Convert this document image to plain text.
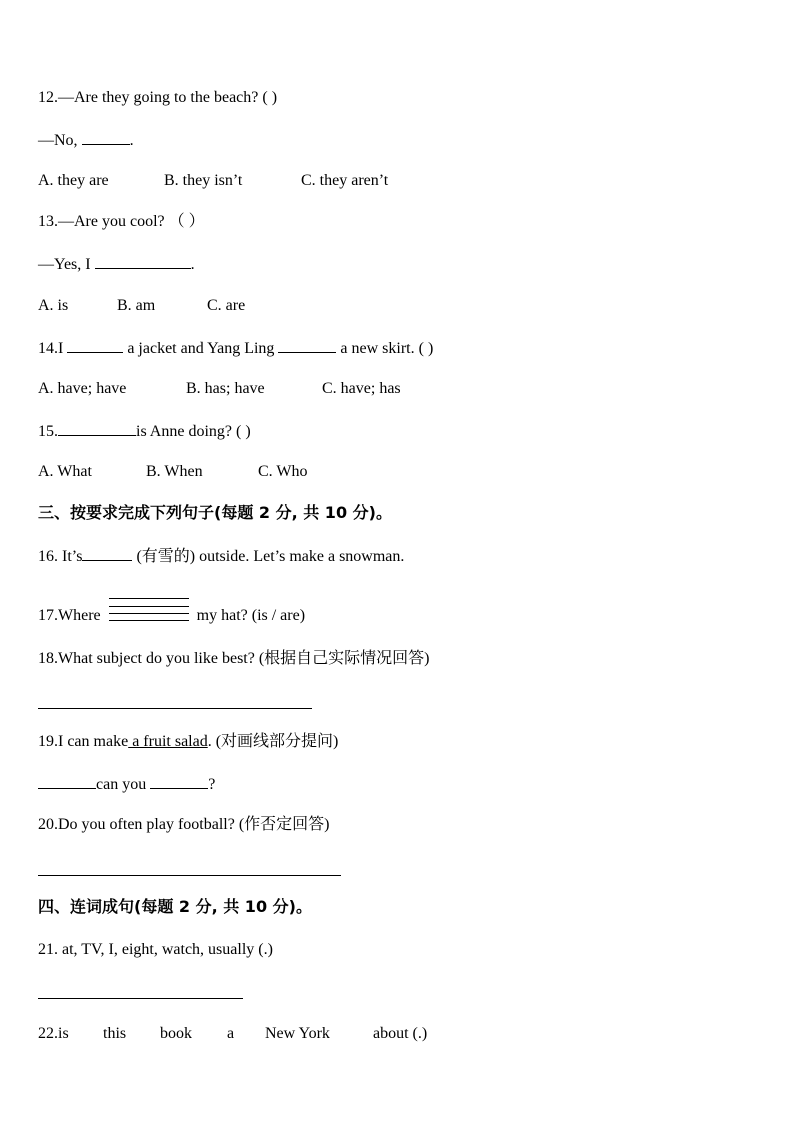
12.—Are they going to the beach? ( )
—No,	.
A. they are	B. they isn’t	C. they aren’t
13.—Are you cool? （ ）
—Yes, I	.
A. is	B. am	C. are
14.I	a jacket and Yang Ling	a new skirt. ( )
A. have; have	B. has; have	C. have; has
15.	is Anne doing? ( )
A. What	B. When	C. Who
三、按要求完成下列句子(每题 2 分, 共 10 分)。
16. It’s	(有雪的) outside. Let’s make a snowman.
17.Where	my hat? (is / are)
18.What subject do you like best? (根据自己实际情况回答)
19.I can make a fruit salad. (对画线部分提问)
can you	?
20.Do you often play football? (作否定回答)
四、连词成句(每题 2 分, 共 10 分)。
21. at, TV, I, eight, watch, usually (.)
22.is this book a New York	about (.)
